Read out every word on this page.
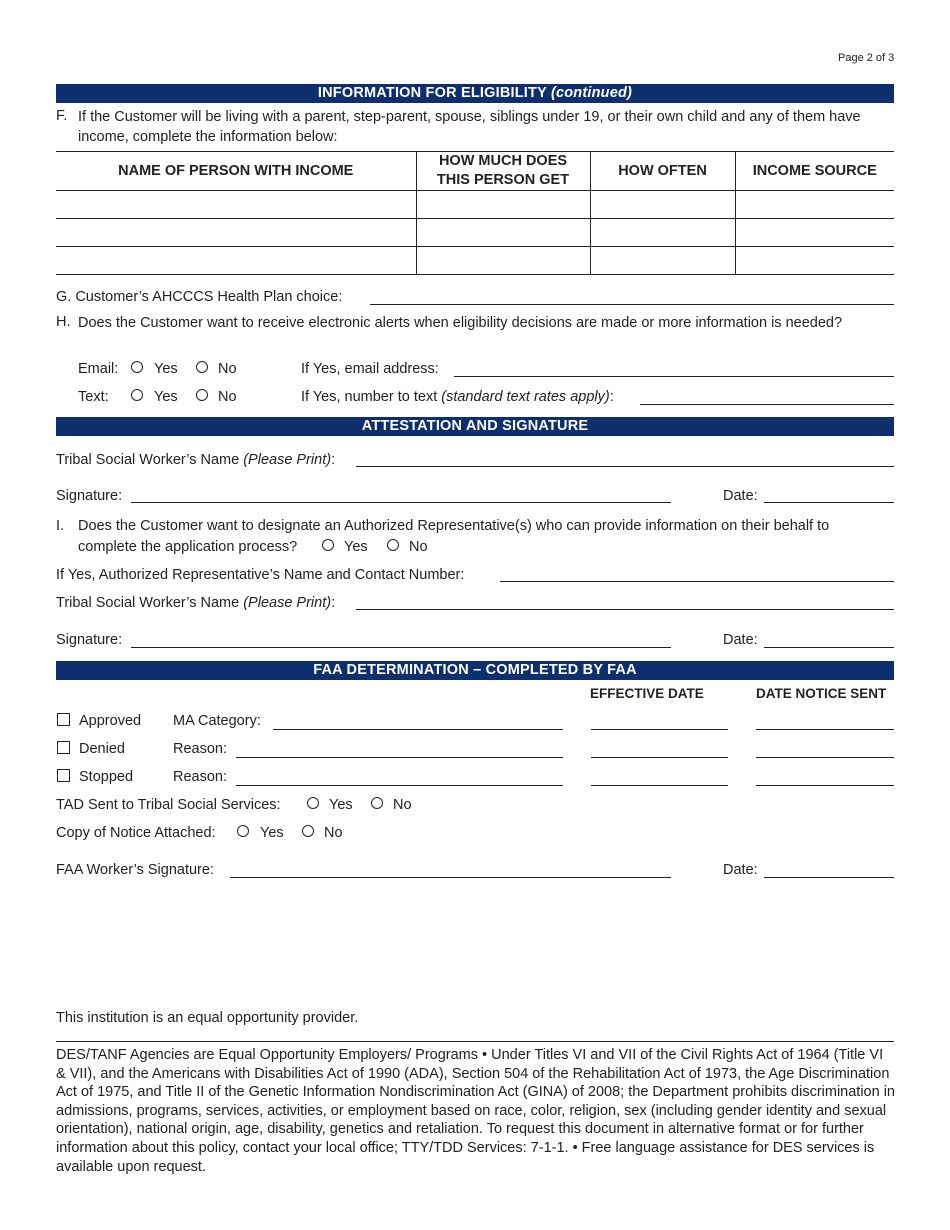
Page 2 of 3
INFORMATION FOR ELIGIBILITY (continued)
F. If the Customer will be living with a parent, step-parent, spouse, siblings under 19, or their own child and any of them have income, complete the information below:
NAME OF PERSON WITH INCOME	HOW MUCH DOES THIS PERSON GET	HOW OFTEN	INCOME SOURCE

G. Customer’s AHCCCS Health Plan choice:
H. Does the Customer want to receive electronic alerts when eligibility decisions are made or more information is needed?
Email: Yes	No	If Yes, email address:
Text:	Yes	No	If Yes, number to text (standard text rates apply):
ATTESTATION AND SIGNATURE
Tribal Social Worker’s Name (Please Print):
Signature:	Date:
I. Does the Customer want to designate an Authorized Representative(s) who can provide information on their behalf to
complete the application process?	Yes	No
If Yes, Authorized Representative’s Name and Contact Number:
Tribal Social Worker’s Name (Please Print):
Signature:	Date:
FAA DETERMINATION – COMPLETED BY FAA
EFFECTIVE DATE	DATE NOTICE SENT
Approved MA Category:
Denied	Reason:
Stopped	Reason:
TAD Sent to Tribal Social Services:	Yes	No
Copy of Notice Attached:	Yes	No
FAA Worker’s Signature:	Date:
This institution is an equal opportunity provider.
DES/TANF Agencies are Equal Opportunity Employers/ Programs • Under Titles VI and VII of the Civil Rights Act of 1964 (Title VI & VII), and the Americans with Disabilities Act of 1990 (ADA), Section 504 of the Rehabilitation Act of 1973, the Age Discrimination Act of 1975, and Title II of the Genetic Information Nondiscrimination Act (GINA) of 2008; the Department prohibits discrimination in admissions, programs, services, activities, or employment based on race, color, religion, sex (including gender identity and sexual orientation), national origin, age, disability, genetics and retaliation. To request this document in alternative format or for further information about this policy, contact your local office; TTY/TDD Services: 7-1-1. • Free language assistance for DES services is available upon request.
